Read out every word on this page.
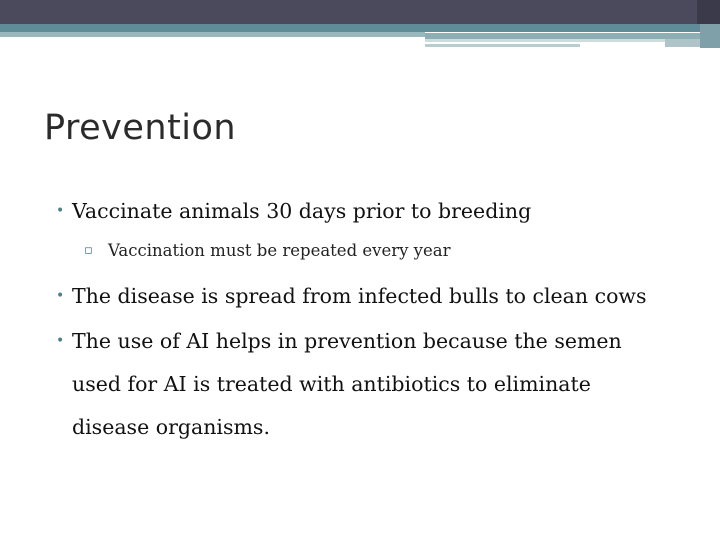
Prevention
• Vaccinate animals 30 days prior to breeding
▫ Vaccination must be repeated every year
• The disease is spread from infected bulls to clean cows
• The use of AI helps in prevention because the semen
used for AI is treated with antibiotics to eliminate
disease organisms.
